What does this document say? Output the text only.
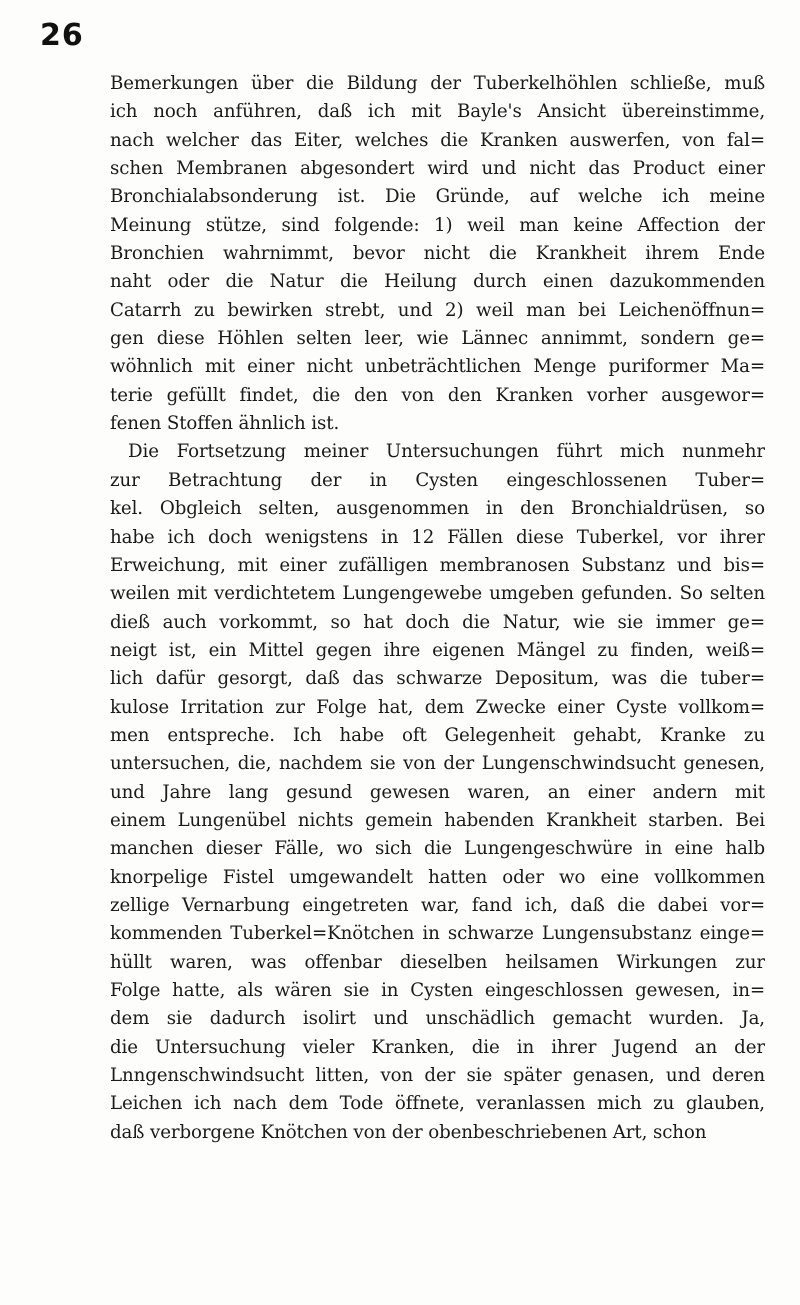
26
Bemerkungen über die Bildung der Tuberkelhöhlen schließe, muß
ich noch anführen, daß ich mit Bayle's Ansicht übereinstimme,
nach welcher das Eiter, welches die Kranken auswerfen, von fal=
schen Membranen abgesondert wird und nicht das Product einer
Bronchialabsonderung ist. Die Gründe, auf welche ich meine
Meinung stütze, sind folgende: 1) weil man keine Affection der
Bronchien wahrnimmt, bevor nicht die Krankheit ihrem Ende
naht oder die Natur die Heilung durch einen dazukommenden
Catarrh zu bewirken strebt, und 2) weil man bei Leichenöffnun=
gen diese Höhlen selten leer, wie Lännec annimmt, sondern ge=
wöhnlich mit einer nicht unbeträchtlichen Menge puriformer Ma=
terie gefüllt findet, die den von den Kranken vorher ausgewor=
fenen Stoffen ähnlich ist.
Die Fortsetzung meiner Untersuchungen führt mich nunmehr
zur Betrachtung der in Cysten eingeschlossenen Tuber=
kel. Obgleich selten, ausgenommen in den Bronchialdrüsen, so
habe ich doch wenigstens in 12 Fällen diese Tuberkel, vor ihrer
Erweichung, mit einer zufälligen membranosen Substanz und bis=
weilen mit verdichtetem Lungengewebe umgeben gefunden. So selten
dieß auch vorkommt, so hat doch die Natur, wie sie immer ge=
neigt ist, ein Mittel gegen ihre eigenen Mängel zu finden, weiß=
lich dafür gesorgt, daß das schwarze Depositum, was die tuber=
kulose Irritation zur Folge hat, dem Zwecke einer Cyste vollkom=
men entspreche. Ich habe oft Gelegenheit gehabt, Kranke zu
untersuchen, die, nachdem sie von der Lungenschwindsucht genesen,
und Jahre lang gesund gewesen waren, an einer andern mit
einem Lungenübel nichts gemein habenden Krankheit starben. Bei
manchen dieser Fälle, wo sich die Lungengeschwüre in eine halb
knorpelige Fistel umgewandelt hatten oder wo eine vollkommen
zellige Vernarbung eingetreten war, fand ich, daß die dabei vor=
kommenden Tuberkel=Knötchen in schwarze Lungensubstanz einge=
hüllt waren, was offenbar dieselben heilsamen Wirkungen zur
Folge hatte, als wären sie in Cysten eingeschlossen gewesen, in=
dem sie dadurch isolirt und unschädlich gemacht wurden. Ja,
die Untersuchung vieler Kranken, die in ihrer Jugend an der
Lnngenschwindsucht litten, von der sie später genasen, und deren
Leichen ich nach dem Tode öffnete, veranlassen mich zu glauben,
daß verborgene Knötchen von der obenbeschriebenen Art, schon
